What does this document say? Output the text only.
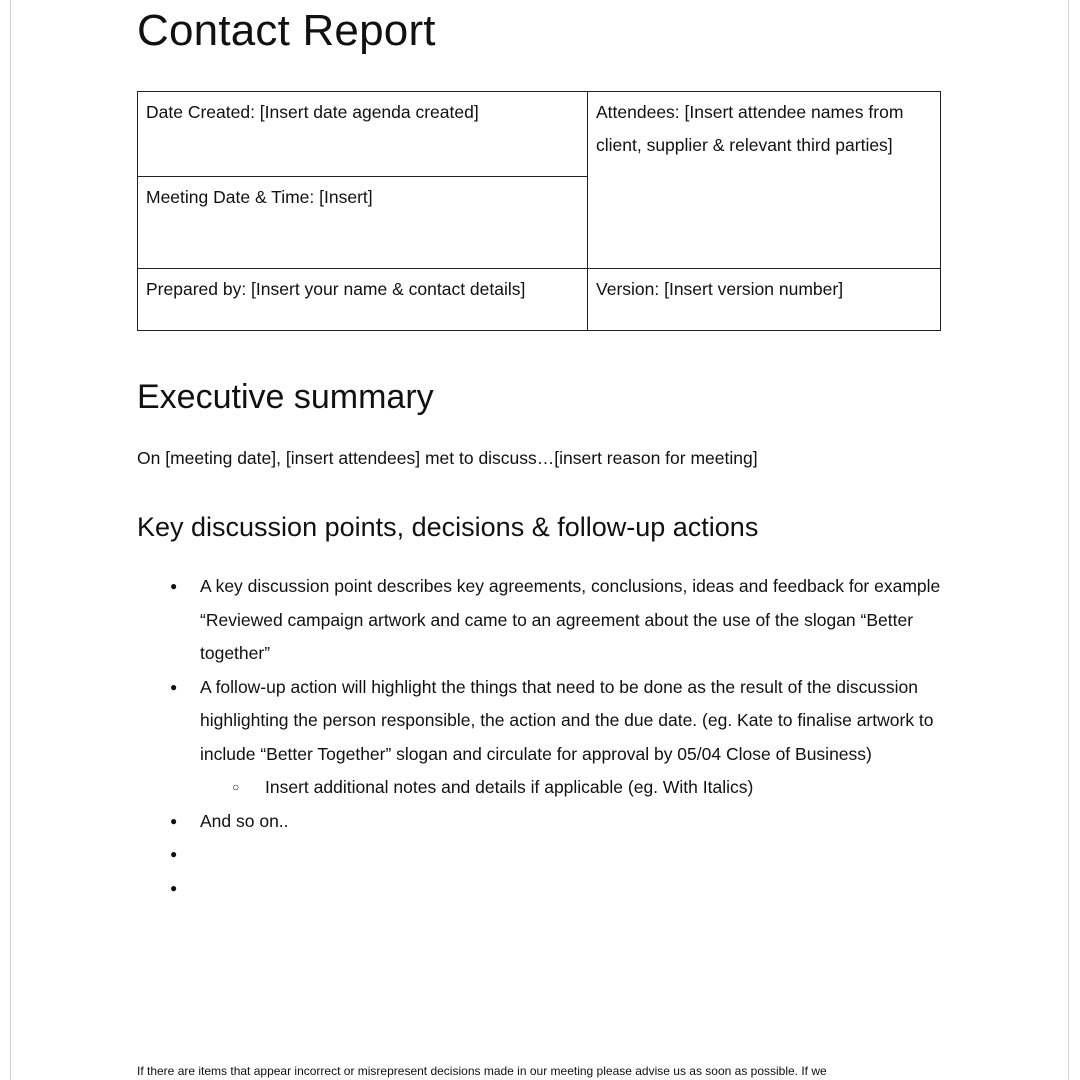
Contact Report
Date Created: [Insert date agenda created]	Attendees: [Insert attendee names from client, supplier & relevant third parties]
Meeting Date & Time: [Insert]	
Prepared by: [Insert your name & contact details]	Version: [Insert version number]
Executive summary

On [meeting date], [insert attendees] met to discuss…[insert reason for meeting]

Key discussion points, decisions & follow-up actions
● A key discussion point describes key agreements, conclusions, ideas and feedback for example “Reviewed campaign artwork and came to an agreement about the use of the slogan “Better together”
● A follow-up action will highlight the things that need to be done as the result of the discussion highlighting the person responsible, the action and the due date. (eg. Kate to finalise artwork to include “Better Together” slogan and circulate for approval by 05/04 Close of Business)
○ Insert additional notes and details if applicable (eg. With Italics)
● And so on..
●
●

If there are items that appear incorrect or misrepresent decisions made in our meeting please advise us as soon as possible. If we
